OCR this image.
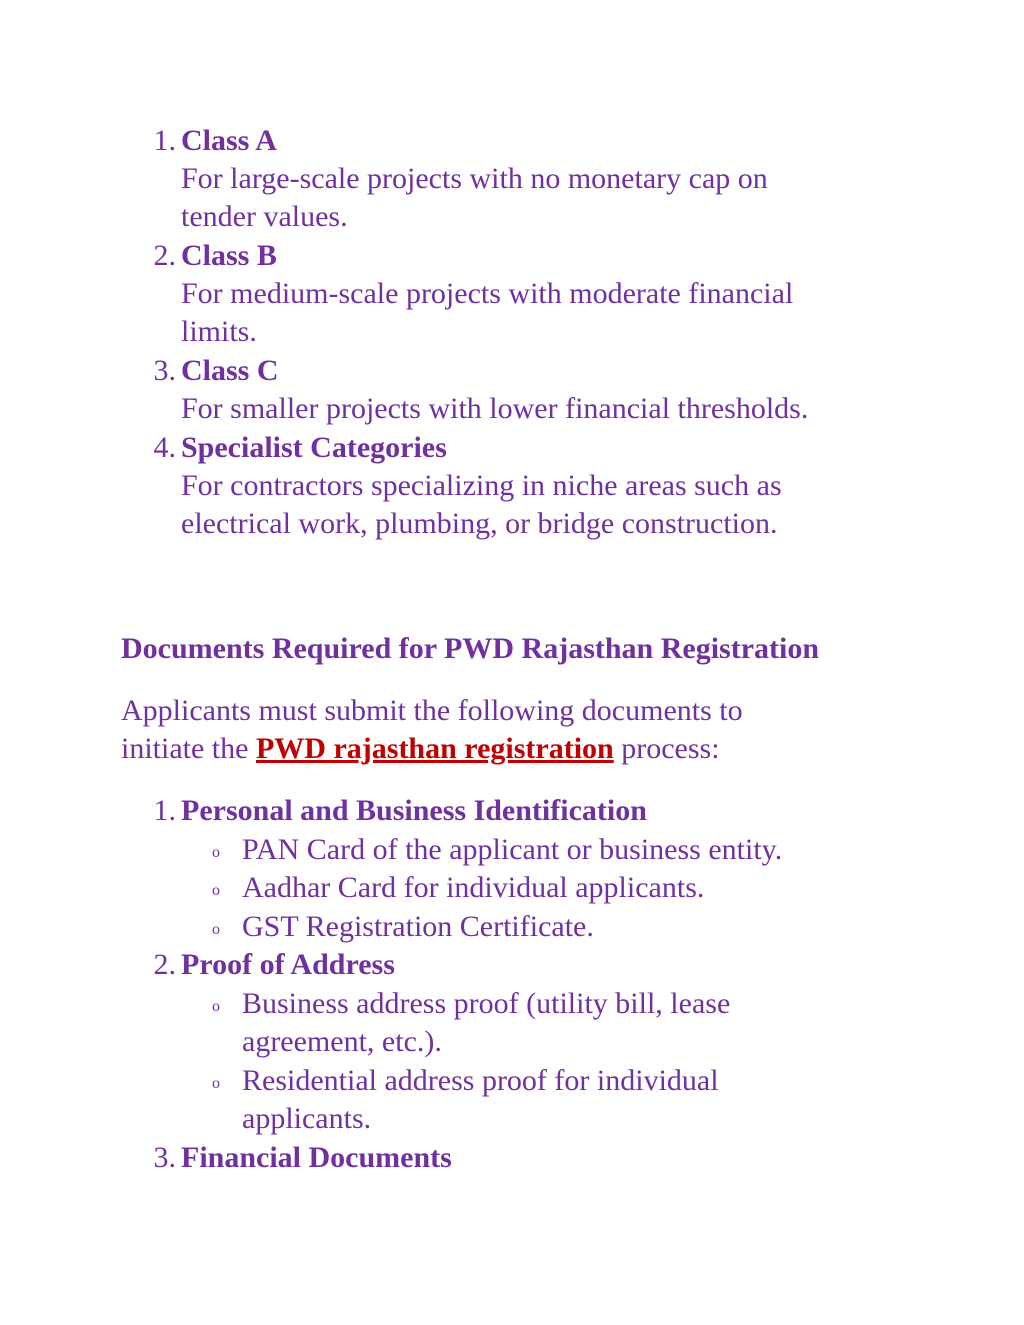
1. Class A
For large-scale projects with no monetary cap on
tender values.
2. Class B
For medium-scale projects with moderate financial
limits.
3. Class C
For smaller projects with lower financial thresholds.
4. Specialist Categories
For contractors specializing in niche areas such as
electrical work, plumbing, or bridge construction.
Documents Required for PWD Rajasthan Registration
Applicants must submit the following documents to
initiate the PWD rajasthan registration process:
1. Personal and Business Identification
o PAN Card of the applicant or business entity.
o Aadhar Card for individual applicants.
o GST Registration Certificate.
2. Proof of Address
o Business address proof (utility bill, lease
agreement, etc.).
o Residential address proof for individual
applicants.
3. Financial Documents
